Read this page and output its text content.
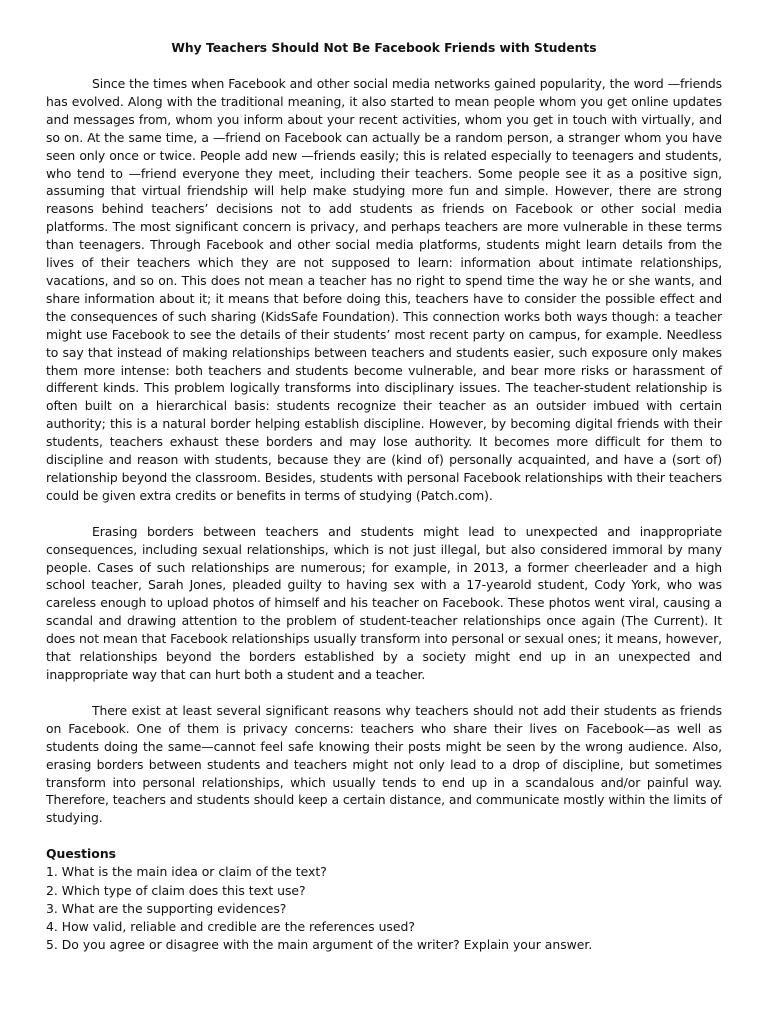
Why Teachers Should Not Be Facebook Friends with Students

Since the times when Facebook and other social media networks gained popularity, the word —friends has evolved. Along with the traditional meaning, it also started to mean people whom you get online updates and messages from, whom you inform about your recent activities, whom you get in touch with virtually, and so on. At the same time, a —friend on Facebook can actually be a random person, a stranger whom you have seen only once or twice. People add new —friends easily; this is related especially to teenagers and students, who tend to —friend everyone they meet, including their teachers. Some people see it as a positive sign, assuming that virtual friendship will help make studying more fun and simple. However, there are strong reasons behind teachers’ decisions not to add students as friends on Facebook or other social media platforms. The most significant concern is privacy, and perhaps teachers are more vulnerable in these terms than teenagers. Through Facebook and other social media platforms, students might learn details from the lives of their teachers which they are not supposed to learn: information about intimate relationships, vacations, and so on. This does not mean a teacher has no right to spend time the way he or she wants, and share information about it; it means that before doing this, teachers have to consider the possible effect and the consequences of such sharing (KidsSafe Foundation). This connection works both ways though: a teacher might use Facebook to see the details of their students’ most recent party on campus, for example. Needless to say that instead of making relationships between teachers and students easier, such exposure only makes them more intense: both teachers and students become vulnerable, and bear more risks or harassment of different kinds. This problem logically transforms into disciplinary issues. The teacher-student relationship is often built on a hierarchical basis: students recognize their teacher as an outsider imbued with certain authority; this is a natural border helping establish discipline. However, by becoming digital friends with their students, teachers exhaust these borders and may lose authority. It becomes more difficult for them to discipline and reason with students, because they are (kind of) personally acquainted, and have a (sort of) relationship beyond the classroom. Besides, students with personal Facebook relationships with their teachers could be given extra credits or benefits in terms of studying (Patch.com).

Erasing borders between teachers and students might lead to unexpected and inappropriate consequences, including sexual relationships, which is not just illegal, but also considered immoral by many people. Cases of such relationships are numerous; for example, in 2013, a former cheerleader and a high school teacher, Sarah Jones, pleaded guilty to having sex with a 17-yearold student, Cody York, who was careless enough to upload photos of himself and his teacher on Facebook. These photos went viral, causing a scandal and drawing attention to the problem of student-teacher relationships once again (The Current). It does not mean that Facebook relationships usually transform into personal or sexual ones; it means, however, that relationships beyond the borders established by a society might end up in an unexpected and inappropriate way that can hurt both a student and a teacher.

There exist at least several significant reasons why teachers should not add their students as friends on Facebook. One of them is privacy concerns: teachers who share their lives on Facebook—as well as students doing the same—cannot feel safe knowing their posts might be seen by the wrong audience. Also, erasing borders between students and teachers might not only lead to a drop of discipline, but sometimes transform into personal relationships, which usually tends to end up in a scandalous and/or painful way. Therefore, teachers and students should keep a certain distance, and communicate mostly within the limits of studying.

Questions

1. What is the main idea or claim of the text?
2. Which type of claim does this text use?
3. What are the supporting evidences?
4. How valid, reliable and credible are the references used?
5. Do you agree or disagree with the main argument of the writer? Explain your answer.
